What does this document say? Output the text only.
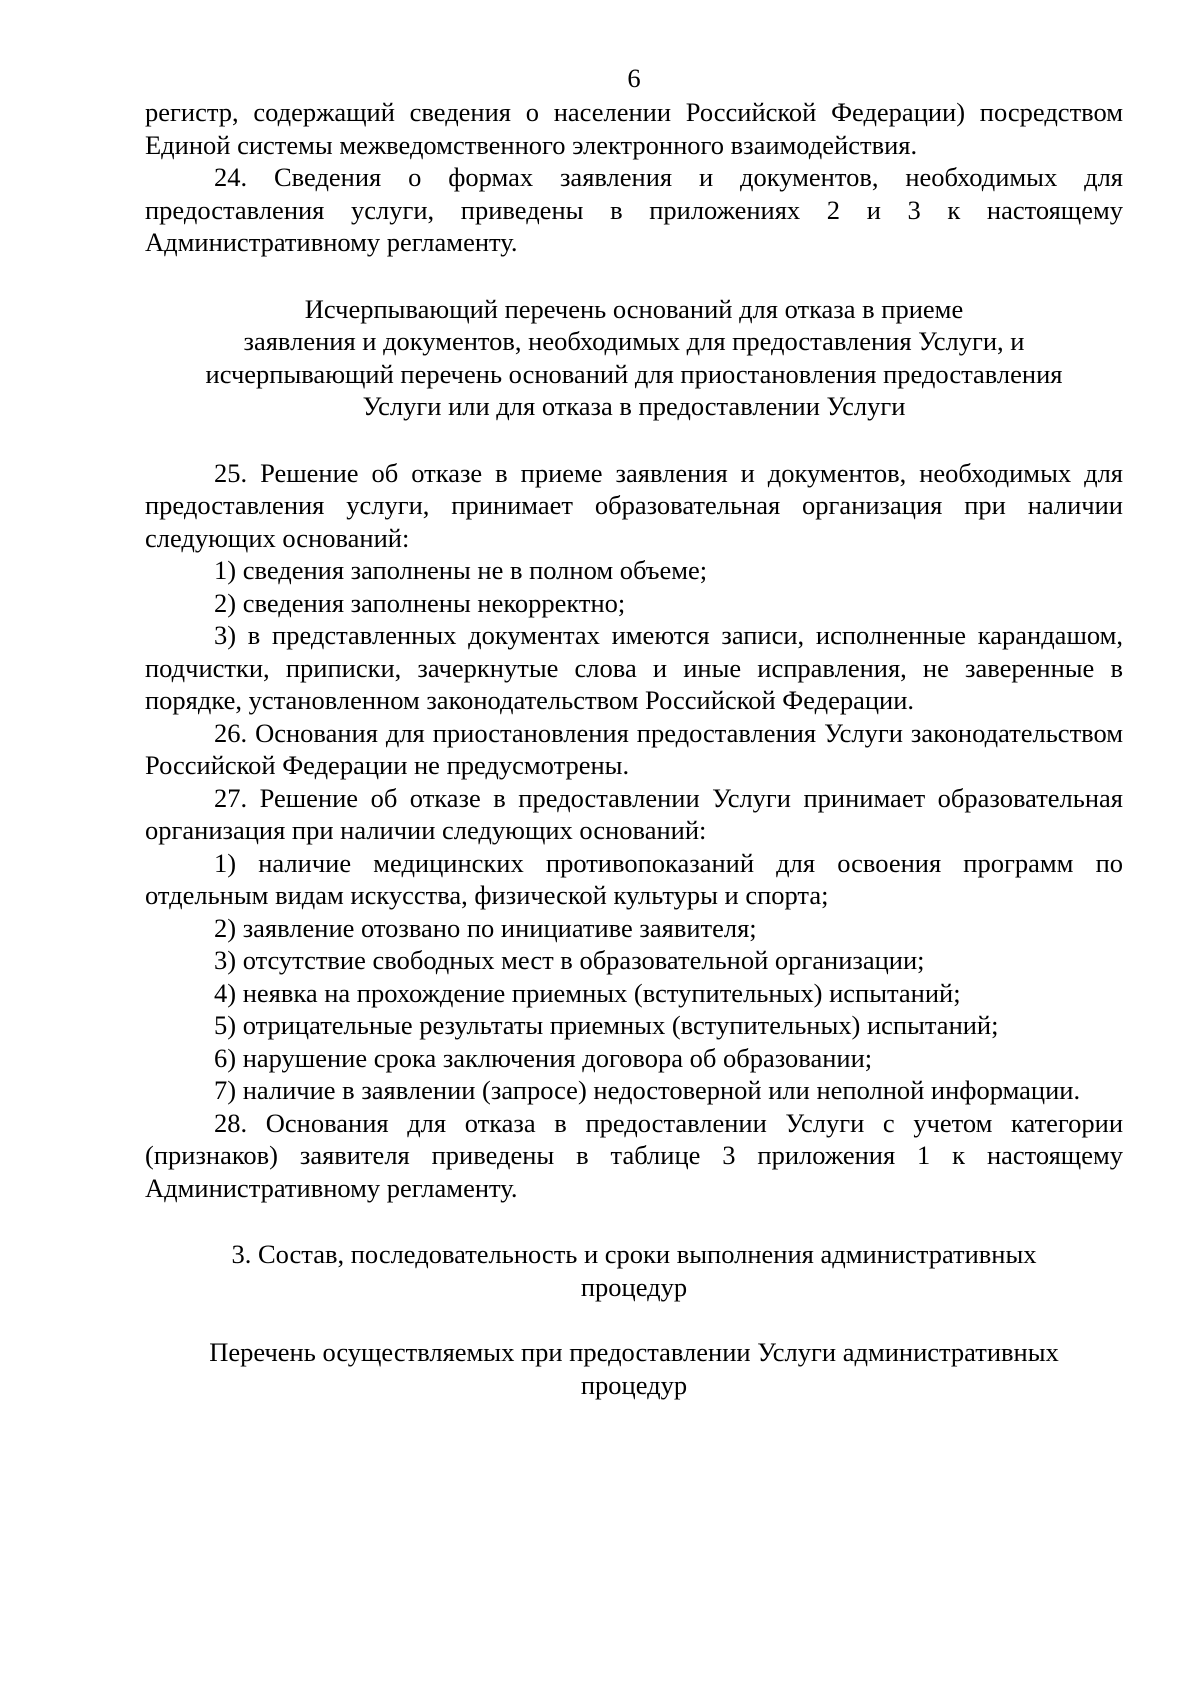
6

регистр, содержащий сведения о населении Российской Федерации) посредством Единой системы межведомственного электронного взаимодействия.

24. Сведения о формах заявления и документов, необходимых для предоставления услуги, приведены в приложениях 2 и 3 к настоящему Административному регламенту.

Исчерпывающий перечень оснований для отказа в приеме
заявления и документов, необходимых для предоставления Услуги, и
исчерпывающий перечень оснований для приостановления предоставления
Услуги или для отказа в предоставлении Услуги

25. Решение об отказе в приеме заявления и документов, необходимых для предоставления услуги, принимает образовательная организация при наличии следующих оснований:

1) сведения заполнены не в полном объеме;

2) сведения заполнены некорректно;

3) в представленных документах имеются записи, исполненные карандашом, подчистки, приписки, зачеркнутые слова и иные исправления, не заверенные в порядке, установленном законодательством Российской Федерации.

26. Основания для приостановления предоставления Услуги законодательством Российской Федерации не предусмотрены.

27. Решение об отказе в предоставлении Услуги принимает образовательная организация при наличии следующих оснований:

1) наличие медицинских противопоказаний для освоения программ по отдельным видам искусства, физической культуры и спорта;

2) заявление отозвано по инициативе заявителя;

3) отсутствие свободных мест в образовательной организации;

4) неявка на прохождение приемных (вступительных) испытаний;

5) отрицательные результаты приемных (вступительных) испытаний;

6) нарушение срока заключения договора об образовании;

7) наличие в заявлении (запросе) недостоверной или неполной информации.

28. Основания для отказа в предоставлении Услуги с учетом категории (признаков) заявителя приведены в таблице 3 приложения 1 к настоящему Административному регламенту.

3. Состав, последовательность и сроки выполнения административных
процедур
Перечень осуществляемых при предоставлении Услуги административных
процедур
